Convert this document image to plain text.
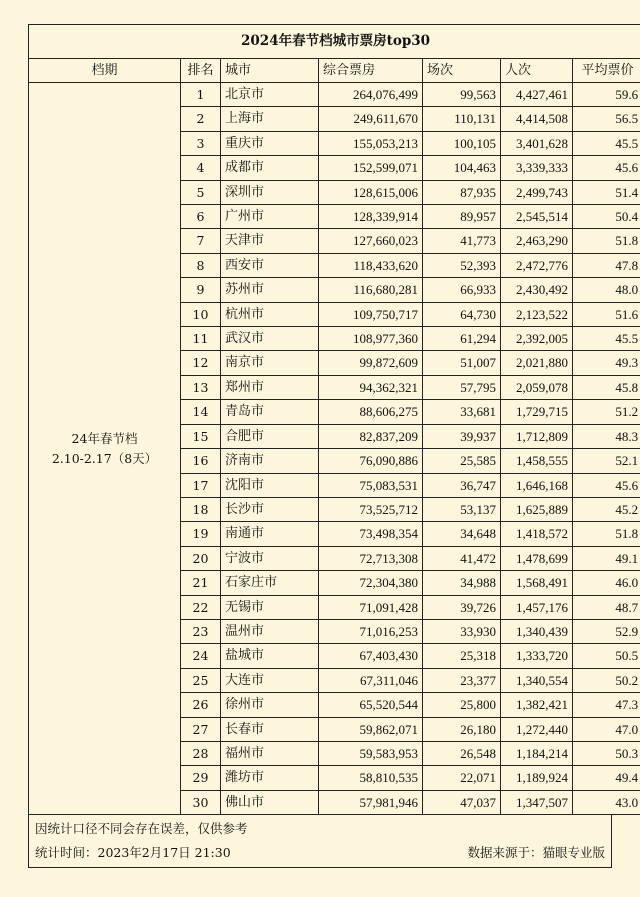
2024年春节档城市票房top30						
档期	排名	城市	综合票房	场次	人次	平均票价

24年春节档
2.10-2.17（8天）	1	北京市	264,076,499	99,563	4,427,461	59.6
	2	上海市	249,611,670	110,131	4,414,508	56.5
	3	重庆市	155,053,213	100,105	3,401,628	45.5
	4	成都市	152,599,071	104,463	3,339,333	45.6
	5	深圳市	128,615,006	87,935	2,499,743	51.4
	6	广州市	128,339,914	89,957	2,545,514	50.4
	7	天津市	127,660,023	41,773	2,463,290	51.8
	8	西安市	118,433,620	52,393	2,472,776	47.8
	9	苏州市	116,680,281	66,933	2,430,492	48.0
	10	杭州市	109,750,717	64,730	2,123,522	51.6
	11	武汉市	108,977,360	61,294	2,392,005	45.5
	12	南京市	99,872,609	51,007	2,021,880	49.3
	13	郑州市	94,362,321	57,795	2,059,078	45.8
	14	青岛市	88,606,275	33,681	1,729,715	51.2
	15	合肥市	82,837,209	39,937	1,712,809	48.3
	16	济南市	76,090,886	25,585	1,458,555	52.1
	17	沈阳市	75,083,531	36,747	1,646,168	45.6
	18	长沙市	73,525,712	53,137	1,625,889	45.2
	19	南通市	73,498,354	34,648	1,418,572	51.8
	20	宁波市	72,713,308	41,472	1,478,699	49.1
	21	石家庄市	72,304,380	34,988	1,568,491	46.0
	22	无锡市	71,091,428	39,726	1,457,176	48.7
	23	温州市	71,016,253	33,930	1,340,439	52.9
	24	盐城市	67,403,430	25,318	1,333,720	50.5
	25	大连市	67,311,046	23,377	1,340,554	50.2
	26	徐州市	65,520,544	25,800	1,382,421	47.3
	27	长春市	59,862,071	26,180	1,272,440	47.0
	28	福州市	59,583,953	26,548	1,184,214	50.3
	29	潍坊市	58,810,535	22,071	1,189,924	49.4
	30	佛山市	57,981,946	47,037	1,347,507	43.0
因统计口径不同会存在误差，仅供参考
统计时间：2023年2月17日 21:30	数据来源于：猫眼专业版
